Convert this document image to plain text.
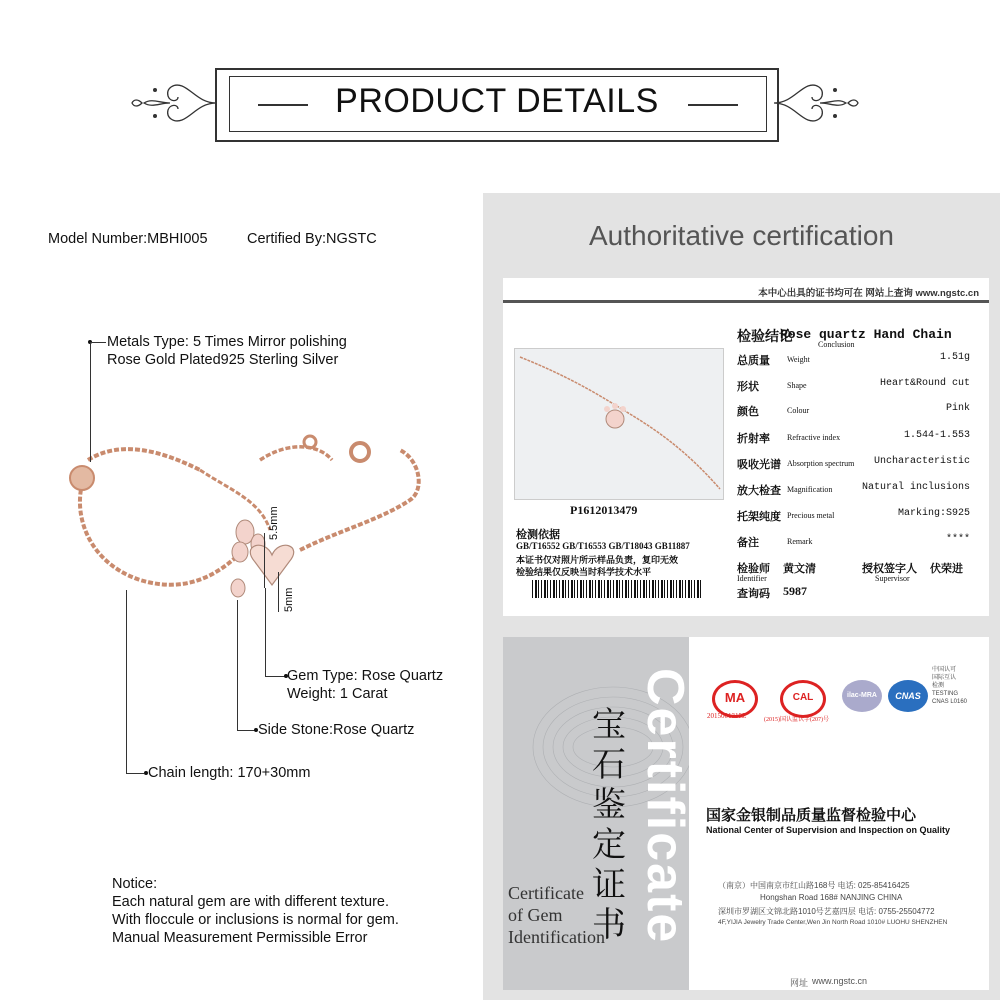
PRODUCT DETAILS
Model Number:MBHI005	Certified By:NGSTC
5.5mm
5mm
Metals Type: 5 Times Mirror polishing
Rose Gold Plated925 Sterling Silver
Gem Type: Rose Quartz
Weight: 1 Carat
Side Stone:Rose Quartz
Chain length: 170+30mm
Notice:
Each natural gem are with different texture.
With floccule or inclusions is normal for gem.
Manual Measurement Permissible Error
Authoritative certification
本中心出具的证书均可在 网站上查询 www.ngstc.cn
P1612013479
检测依据
GB/T16552 GB/T16553 GB/T18043 GB11887
本证书仅对照片所示样品负责，复印无效
检验结果仅反映当时科学技术水平
检验结论	Conclusion
Rose quartz Hand Chain
总质量 Weight	1.51g
形状	Shape	Heart&Round cut
颜色	Colour	Pink
折射率 Refractive index	1.544-1.553
吸收光谱 Absorption spectrum Uncharacteristic
放大检查 Magnification	Natural inclusions
托架纯度 Precious metal	Marking:S925
备注	Remark	****
检验师 黄文清
Identifier
授权签字人 伏荣进
Supervisor
查询码 5987
Certificate
宝石鉴定证书
Certificate
of Gem
Identification
MA	CAL	ilac-MRA	CNAS
2015001315Z	(2015)国认监认字(207)号
中国认可
国际互认
检测
TESTING
CNAS L0160
国家金银制品质量监督检验中心
National Center of Supervision and Inspection on Quality
（南京）中国南京市红山路168号 电话: 025-85416425
Hongshan Road 168# NANJING CHINA
深圳市罗湖区文锦北路1010号艺嘉四层 电话: 0755-25504772
4F,YIJIA Jewelry Trade Center,Wen Jin North Road 1010# LUOHU SHENZHEN
网址 www.ngstc.cn
